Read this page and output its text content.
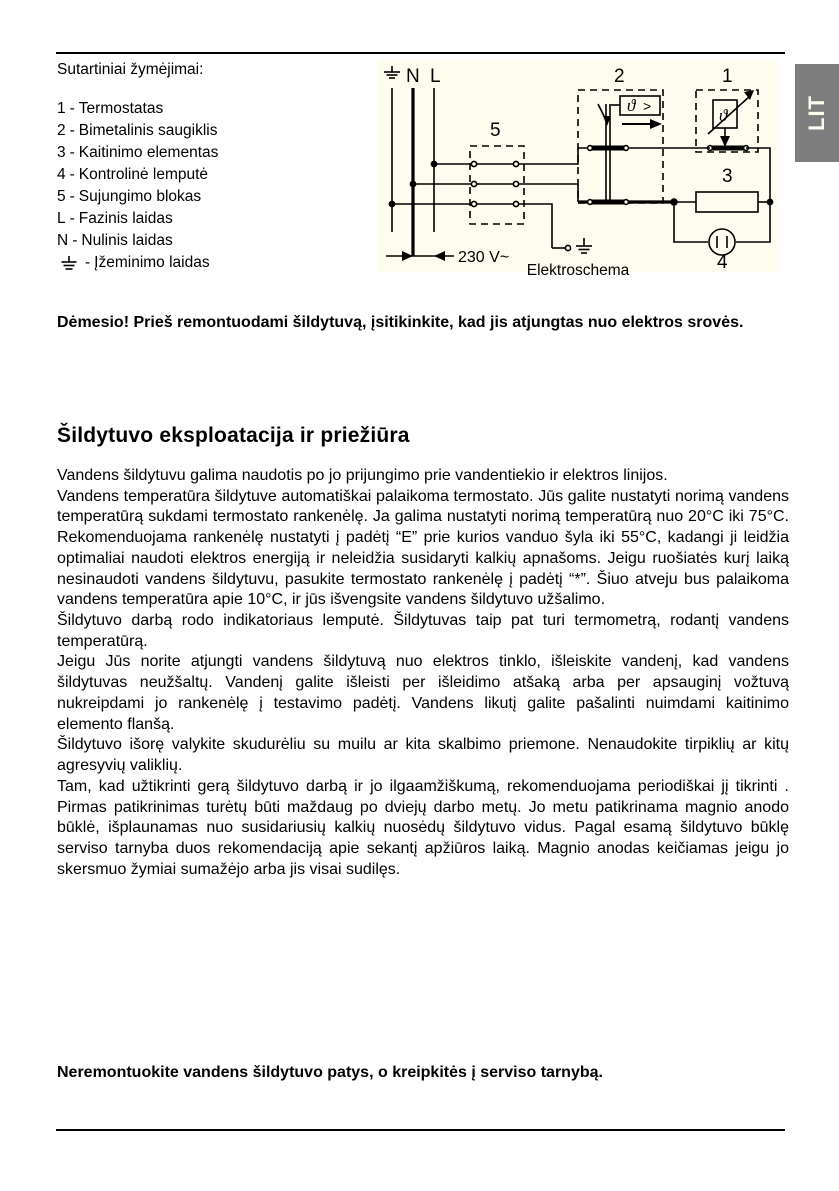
LIT
Sutartiniai žymėjimai:
1 - Termostatas
2 - Bimetalinis saugiklis
3 - Kaitinimo elementas
4 - Kontrolinė lemputė
5 - Sujungimo blokas
L - Fazinis laidas
N - Nulinis laidas
- Įžeminimo laidas
ϑ >	ϑ
N L
5
2	1
3
4
230 V~
Elektroschema
Dėmesio! Prieš remontuodami šildytuvą, įsitikinkite, kad jis atjungtas nuo elektros srovės.
Šildytuvo eksploatacija ir priežiūra

Vandens šildytuvu galima naudotis po jo prijungimo prie vandentiekio ir elektros linijos.

Vandens temperatūra šildytuve automatiškai palaikoma termostato. Jūs galite nustatyti norimą vandens temperatūrą sukdami termostato rankenėlę. Ja galima nustatyti norimą temperatūrą nuo 20°C iki 75°C. Rekomenduojama rankenėlę nustatyti į padėtį “E” prie kurios vanduo šyla iki 55°C, kadangi ji leidžia optimaliai naudoti elektros energiją ir neleidžia susidaryti kalkių apnašoms. Jeigu ruošiatės kurį laiką nesinaudoti vandens šildytuvu, pasukite termostato rankenėlę į padėtį “*”. Šiuo atveju bus palaikoma vandens temperatūra apie 10°C, ir jūs išvengsite vandens šildytuvo užšalimo.

Šildytuvo darbą rodo indikatoriaus lemputė. Šildytuvas taip pat turi termometrą, rodantį vandens temperatūrą.

Jeigu Jūs norite atjungti vandens šildytuvą nuo elektros tinklo, išleiskite vandenį, kad vandens šildytuvas neužšaltų. Vandenį galite išleisti per išleidimo atšaką arba per apsauginį vožtuvą nukreipdami jo rankenėlę į testavimo padėtį. Vandens likutį galite pašalinti nuimdami kaitinimo elemento flanšą.

Šildytuvo išorę valykite skudurėliu su muilu ar kita skalbimo priemone. Nenaudokite tirpiklių ar kitų agresyvių valiklių.

Tam, kad užtikrinti gerą šildytuvo darbą ir jo ilgaamžiškumą, rekomenduojama periodiškai jį tikrinti . Pirmas patikrinimas turėtų būti maždaug po dviejų darbo metų. Jo metu patikrinama magnio anodo būklė, išplaunamas nuo susidariusių kalkių nuosėdų šildytuvo vidus. Pagal esamą šildytuvo būklę serviso tarnyba duos rekomendaciją apie sekantį apžiūros laiką. Magnio anodas keičiamas jeigu jo skersmuo žymiai sumažėjo arba jis visai sudilęs.

Neremontuokite vandens šildytuvo patys, o kreipkitės į serviso tarnybą.
